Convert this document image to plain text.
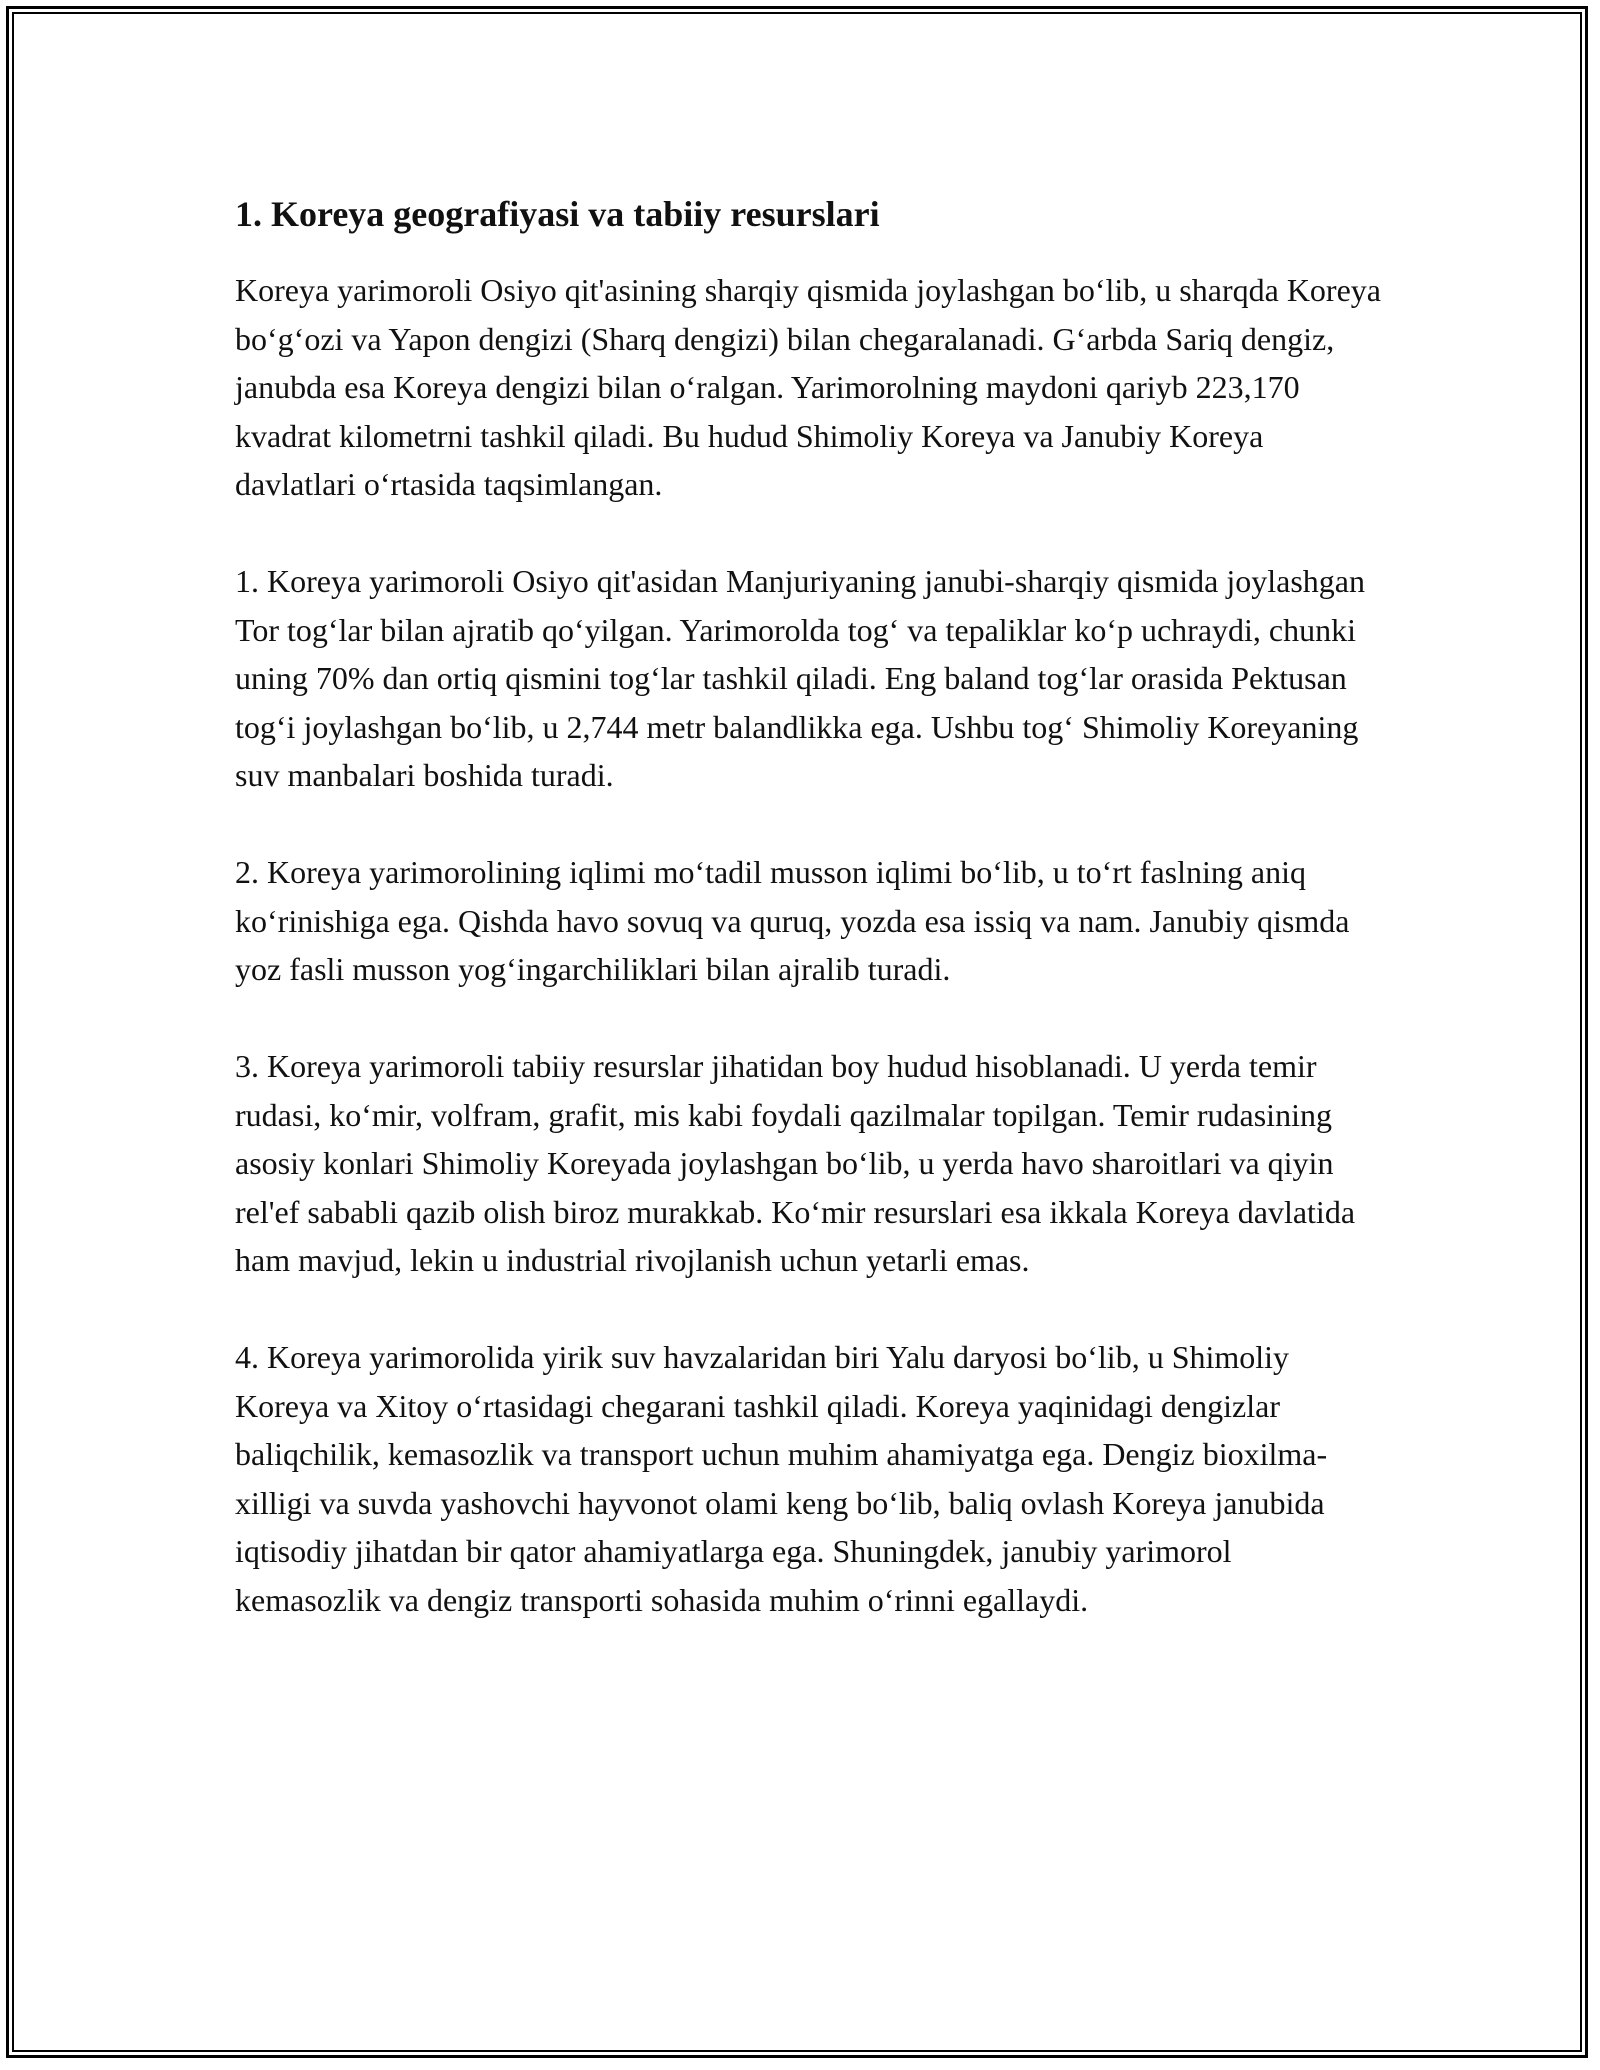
1. Koreya geografiyasi va tabiiy resurslari

Koreya yarimoroli Osiyo qit'asining sharqiy qismida joylashgan boʻlib, u sharqda Koreya boʻgʻozi va Yapon dengizi (Sharq dengizi) bilan chegaralanadi. Gʻarbda Sariq dengiz, janubda esa Koreya dengizi bilan oʻralgan. Yarimorolning maydoni qariyb 223,170 kvadrat kilometrni tashkil qiladi. Bu hudud Shimoliy Koreya va Janubiy Koreya davlatlari oʻrtasida taqsimlangan.

1. Koreya yarimoroli Osiyo qit'asidan Manjuriyaning janubi-sharqiy qismida joylashgan Tor togʻlar bilan ajratib qoʻyilgan. Yarimorolda togʻ va tepaliklar koʻp uchraydi, chunki uning 70% dan ortiq qismini togʻlar tashkil qiladi. Eng baland togʻlar orasida Pektusan togʻi joylashgan boʻlib, u 2,744 metr balandlikka ega. Ushbu togʻ Shimoliy Koreyaning suv manbalari boshida turadi.

2. Koreya yarimorolining iqlimi moʻtadil musson iqlimi boʻlib, u toʻrt faslning aniq koʻrinishiga ega. Qishda havo sovuq va quruq, yozda esa issiq va nam. Janubiy qismda yoz fasli musson yogʻingarchiliklari bilan ajralib turadi.

3. Koreya yarimoroli tabiiy resurslar jihatidan boy hudud hisoblanadi. U yerda temir rudasi, koʻmir, volfram, grafit, mis kabi foydali qazilmalar topilgan. Temir rudasining asosiy konlari Shimoliy Koreyada joylashgan boʻlib, u yerda havo sharoitlari va qiyin rel'ef sababli qazib olish biroz murakkab. Koʻmir resurslari esa ikkala Koreya davlatida ham mavjud, lekin u industrial rivojlanish uchun yetarli emas.

4. Koreya yarimorolida yirik suv havzalaridan biri Yalu daryosi boʻlib, u Shimoliy Koreya va Xitoy oʻrtasidagi chegarani tashkil qiladi. Koreya yaqinidagi dengizlar baliqchilik, kemasozlik va transport uchun muhim ahamiyatga ega. Dengiz bioxilma-xilligi va suvda yashovchi hayvonot olami keng boʻlib, baliq ovlash Koreya janubida iqtisodiy jihatdan bir qator ahamiyatlarga ega. Shuningdek, janubiy yarimorol kemasozlik va dengiz transporti sohasida muhim oʻrinni egallaydi.
